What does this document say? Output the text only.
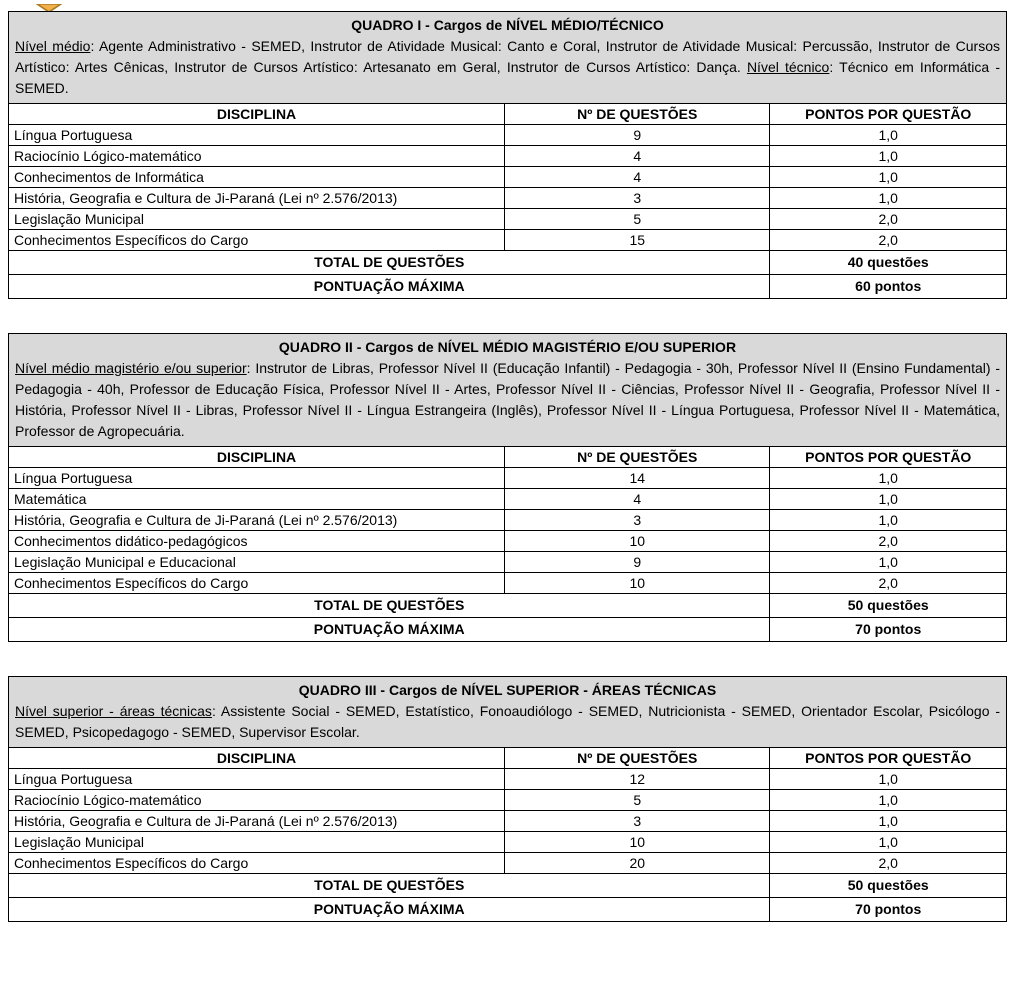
QUADRO I - Cargos de NÍVEL MÉDIO/TÉCNICO
Nível médio: Agente Administrativo - SEMED, Instrutor de Atividade Musical: Canto e Coral, Instrutor de Atividade Musical: Percussão, Instrutor de Cursos Artístico: Artes Cênicas, Instrutor de Cursos Artístico: Artesanato em Geral, Instrutor de Cursos Artístico: Dança. Nível técnico: Técnico em Informática - SEMED.		

DISCIPLINA	Nº DE QUESTÕES	PONTOS POR QUESTÃO
Língua Portuguesa	9	1,0
Raciocínio Lógico-matemático	4	1,0
Conhecimentos de Informática	4	1,0
História, Geografia e Cultura de Ji-Paraná (Lei nº 2.576/2013)	3	1,0
Legislação Municipal	5	2,0
Conhecimentos Específicos do Cargo	15	2,0
TOTAL DE QUESTÕES		40 questões
PONTUAÇÃO MÁXIMA		60 pontos
QUADRO II - Cargos de NÍVEL MÉDIO MAGISTÉRIO E/OU SUPERIOR
Nível médio magistério e/ou superior: Instrutor de Libras, Professor Nível II (Educação Infantil) - Pedagogia - 30h, Professor Nível II (Ensino Fundamental) - Pedagogia - 40h, Professor de Educação Física, Professor Nível II - Artes, Professor Nível II - Ciências, Professor Nível II - Geografia, Professor Nível II - História, Professor Nível II - Libras, Professor Nível II - Língua Estrangeira (Inglês), Professor Nível II - Língua Portuguesa, Professor Nível II - Matemática, Professor de Agropecuária.		

DISCIPLINA	Nº DE QUESTÕES	PONTOS POR QUESTÃO
Língua Portuguesa	14	1,0
Matemática	4	1,0
História, Geografia e Cultura de Ji-Paraná (Lei nº 2.576/2013)	3	1,0
Conhecimentos didático-pedagógicos	10	2,0
Legislação Municipal e Educacional	9	1,0
Conhecimentos Específicos do Cargo	10	2,0
TOTAL DE QUESTÕES		50 questões
PONTUAÇÃO MÁXIMA		70 pontos
QUADRO III - Cargos de NÍVEL SUPERIOR - ÁREAS TÉCNICAS
Nível superior - áreas técnicas: Assistente Social - SEMED, Estatístico, Fonoaudiólogo - SEMED, Nutricionista - SEMED, Orientador Escolar, Psicólogo - SEMED, Psicopedagogo - SEMED, Supervisor Escolar.		

DISCIPLINA	Nº DE QUESTÕES	PONTOS POR QUESTÃO
Língua Portuguesa	12	1,0
Raciocínio Lógico-matemático	5	1,0
História, Geografia e Cultura de Ji-Paraná (Lei nº 2.576/2013)	3	1,0
Legislação Municipal	10	1,0
Conhecimentos Específicos do Cargo	20	2,0
TOTAL DE QUESTÕES		50 questões
PONTUAÇÃO MÁXIMA		70 pontos
